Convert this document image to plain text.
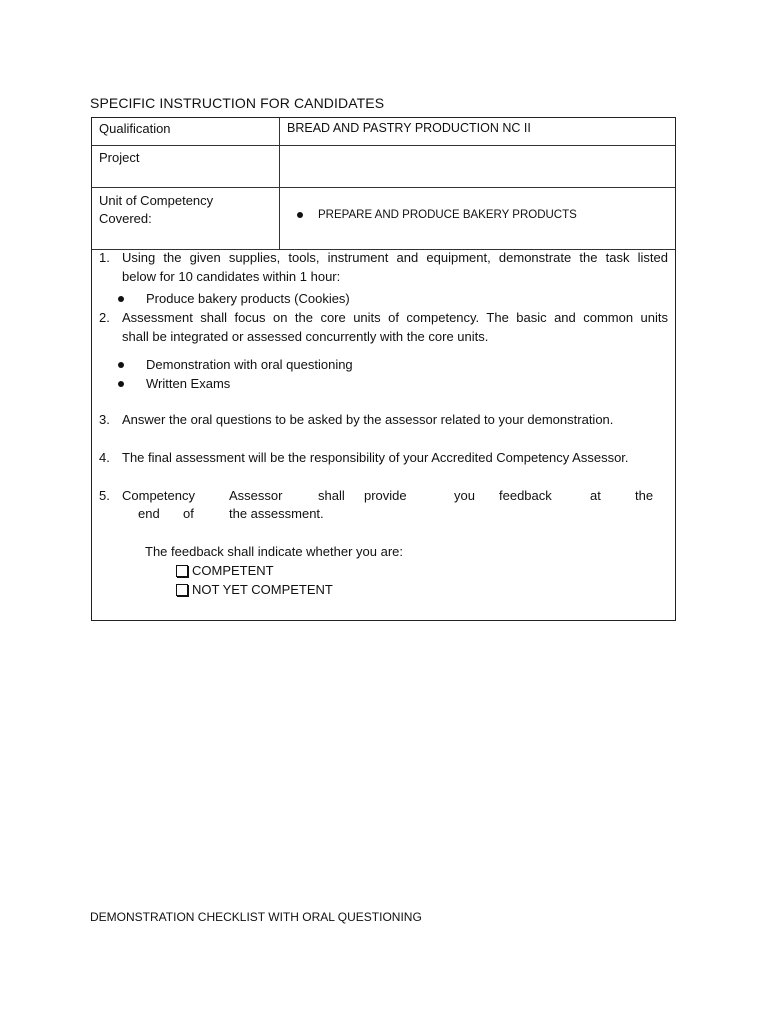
SPECIFIC INSTRUCTION FOR CANDIDATES
Qualification	BREAD AND PASTRY PRODUCTION NC II
Project	

Unit of Competency
Covered:	PREPARE AND PRODUCE BAKERY PRODUCTS
1. Using the given supplies, tools, instrument and equipment, demonstrate the task listed
below for 10 candidates within 1 hour:
Produce bakery products (Cookies)
2. Assessment shall focus on the core units of competency. The basic and common units
shall be integrated or assessed concurrently with the core units.
Demonstration with oral questioning
Written Exams
3. Answer the oral questions to be asked by the assessor related to your demonstration.
4. The final assessment will be the responsibility of your Accredited Competency Assessor.
5. Competency	Assessor	shall provide	you feedback	at	the
end of	the assessment.
The feedback shall indicate whether you are:
COMPETENT
NOT YET COMPETENT
DEMONSTRATION CHECKLIST WITH ORAL QUESTIONING
